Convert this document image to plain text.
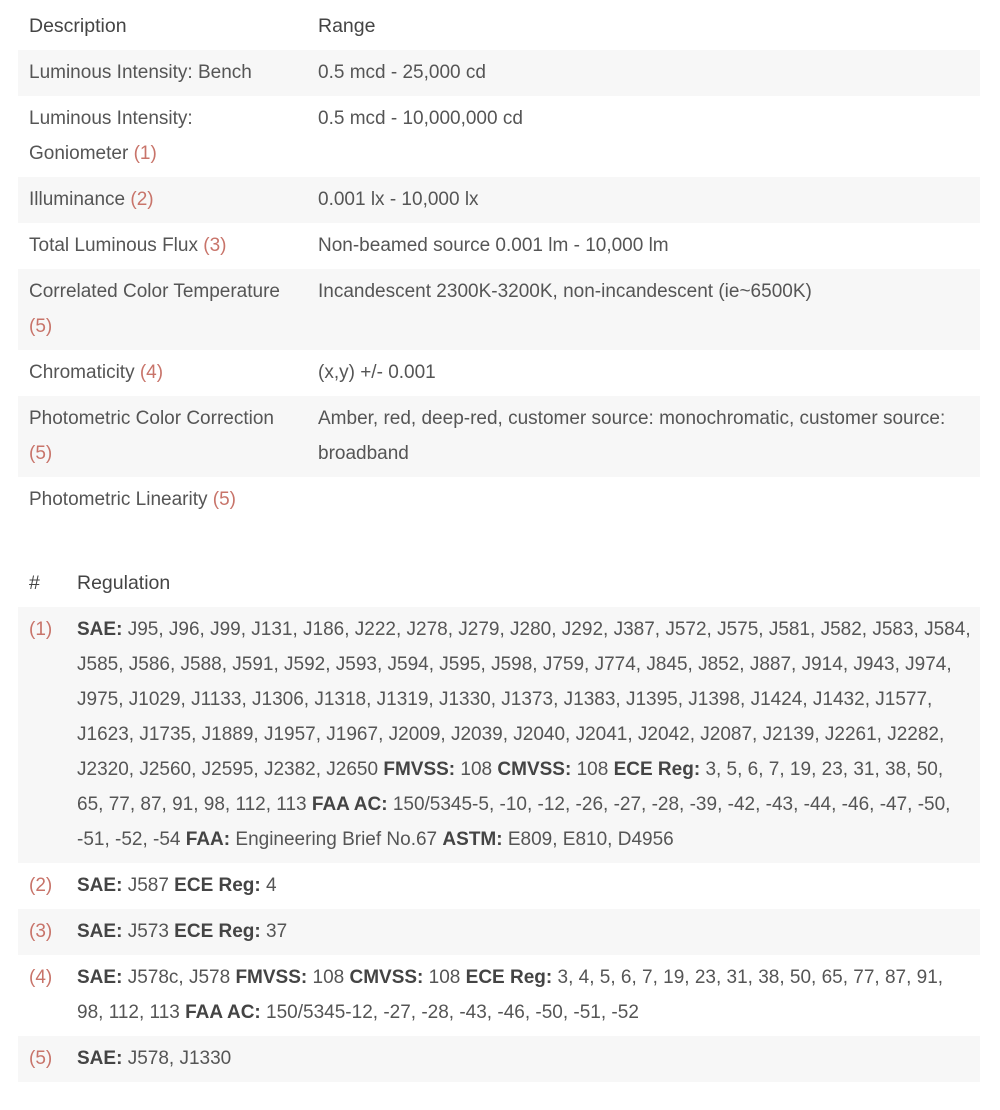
Description	Range
Luminous Intensity: Bench	0.5 mcd - 25,000 cd
Luminous Intensity: Goniometer (1)	0.5 mcd - 10,000,000 cd
Illuminance (2)	0.001 lx - 10,000 lx
Total Luminous Flux (3)	Non-beamed source 0.001 lm - 10,000 lm
Correlated Color Temperature (5)	Incandescent 2300K-3200K, non-incandescent (ie~6500K)
Chromaticity (4)	(x,y) +/- 0.001
Photometric Color Correction (5)	Amber, red, deep-red, customer source: monochromatic, customer source: broadband
Photometric Linearity (5)	
#	Regulation
(1)	SAE: J95, J96, J99, J131, J186, J222, J278, J279, J280, J292, J387, J572, J575, J581, J582, J583, J584, J585, J586, J588, J591, J592, J593, J594, J595, J598, J759, J774, J845, J852, J887, J914, J943, J974, J975, J1029, J1133, J1306, J1318, J1319, J1330, J1373, J1383, J1395, J1398, J1424, J1432, J1577, J1623, J1735, J1889, J1957, J1967, J2009, J2039, J2040, J2041, J2042, J2087, J2139, J2261, J2282, J2320, J2560, J2595, J2382, J2650 FMVSS: 108 CMVSS: 108 ECE Reg: 3, 5, 6, 7, 19, 23, 31, 38, 50, 65, 77, 87, 91, 98, 112, 113 FAA AC: 150/5345-5, -10, -12, -26, -27, -28, -39, -42, -43, -44, -46, -47, -50, -51, -52, -54 FAA: Engineering Brief No.67 ASTM: E809, E810, D4956
(2)	SAE: J587 ECE Reg: 4
(3)	SAE: J573 ECE Reg: 37
(4)	SAE: J578c, J578 FMVSS: 108 CMVSS: 108 ECE Reg: 3, 4, 5, 6, 7, 19, 23, 31, 38, 50, 65, 77, 87, 91, 98, 112, 113 FAA AC: 150/5345-12, -27, -28, -43, -46, -50, -51, -52
(5)	SAE: J578, J1330
